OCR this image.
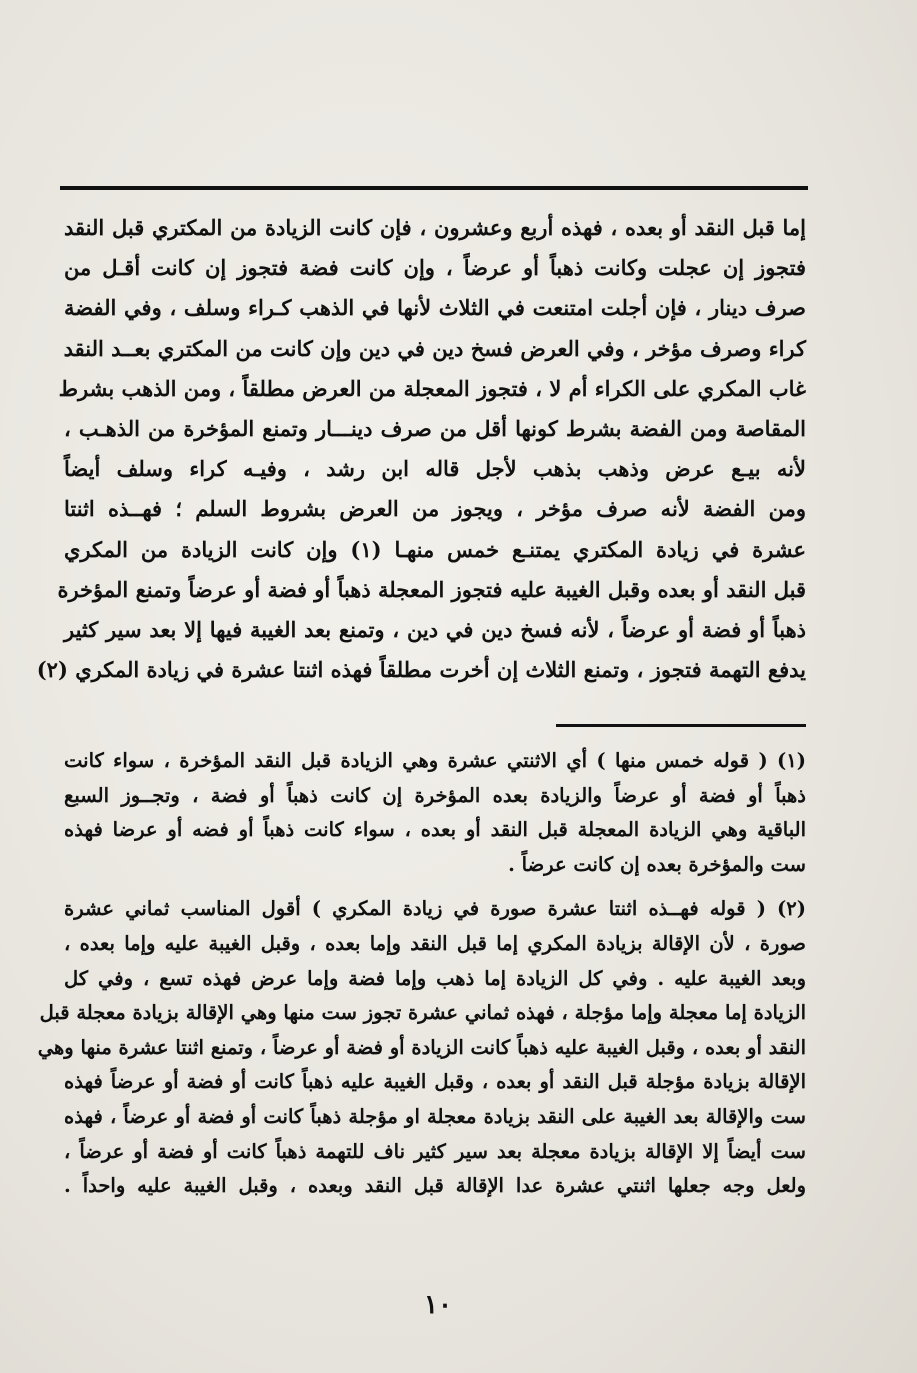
إما قبل النقد أو بعده ، فهذه أربع وعشرون ، فإن كانت الزيادة من المكتري قبل النقد
فتجوز إن عجلت وكانت ذهباً أو عرضاً ، وإن كانت فضة فتجوز إن كانت أقـل من
صرف دينار ، فإن أجلت امتنعت في الثلاث لأنها في الذهب كـراء وسلف ، وفي الفضة
كراء وصرف مؤخر ، وفي العرض فسخ دين في دين وإن كانت من المكتري بعــد النقد
غاب المكري على الكراء أم لا ، فتجوز المعجلة من العرض مطلقاً ، ومن الذهب بشرط
المقاصة ومن الفضة بشرط كونها أقل من صرف دينـــار وتمنع المؤخرة من الذهـب ،
لأنه بيـع عرض وذهب بذهب لأجل قاله ابن رشد ، وفيـه كراء وسلف أيضاً
ومن الفضة لأنه صرف مؤخر ، ويجوز من العرض بشروط السلم ؛ فهــذه اثنتا
عشرة في زيادة المكتري يمتنـع خمس منهـا (١) وإن كانت الزيادة من المكري
قبل النقد أو بعده وقبل الغيبة عليه فتجوز المعجلة ذهباً أو فضة أو عرضاً وتمنع المؤخرة
ذهباً أو فضة أو عرضاً ، لأنه فسخ دين في دين ، وتمنع بعد الغيبة فيها إلا بعد سير كثير
يدفع التهمة فتجوز ، وتمنع الثلاث إن أخرت مطلقاً فهذه اثنتا عشرة في زيادة المكري (٢)
(١) ( قوله خمس منها ) أي الاثنتي عشرة وهي الزيادة قبل النقد المؤخرة ، سواء كانت
ذهباً أو فضة أو عرضاً والزيادة بعده المؤخرة إن كانت ذهباً أو فضة ، وتجــوز السبع
الباقية وهي الزيادة المعجلة قبل النقد أو بعده ، سواء كانت ذهباً أو فضه أو عرضا فهذه
ست والمؤخرة بعده إن كانت عرضاً .
(٢) ( قوله فهــذه اثنتا عشرة صورة في زيادة المكري ) أقول المناسب ثماني عشرة
صورة ، لأن الإقالة بزيادة المكري إما قبل النقد وإما بعده ، وقبل الغيبة عليه وإما بعده ،
وبعد الغيبة عليه . وفي كل الزيادة إما ذهب وإما فضة وإما عرض فهذه تسع ، وفي كل
الزيادة إما معجلة وإما مؤجلة ، فهذه ثماني عشرة تجوز ست منها وهي الإقالة بزيادة معجلة قبل
النقد أو بعده ، وقبل الغيبة عليه ذهباً كانت الزيادة أو فضة أو عرضاً ، وتمنع اثنتا عشرة منها وهي
الإقالة بزيادة مؤجلة قبل النقد أو بعده ، وقبل الغيبة عليه ذهباً كانت أو فضة أو عرضاً فهذه
ست والإقالة بعد الغيبة على النقد بزيادة معجلة او مؤجلة ذهباً كانت أو فضة أو عرضاً ، فهذه
ست أيضاً إلا الإقالة بزيادة معجلة بعد سير كثير ناف للتهمة ذهباً كانت أو فضة أو عرضاً ،
ولعل وجه جعلها اثنتي عشرة عدا الإقالة قبل النقد وبعده ، وقبل الغيبة عليه واحداً .
١٠
